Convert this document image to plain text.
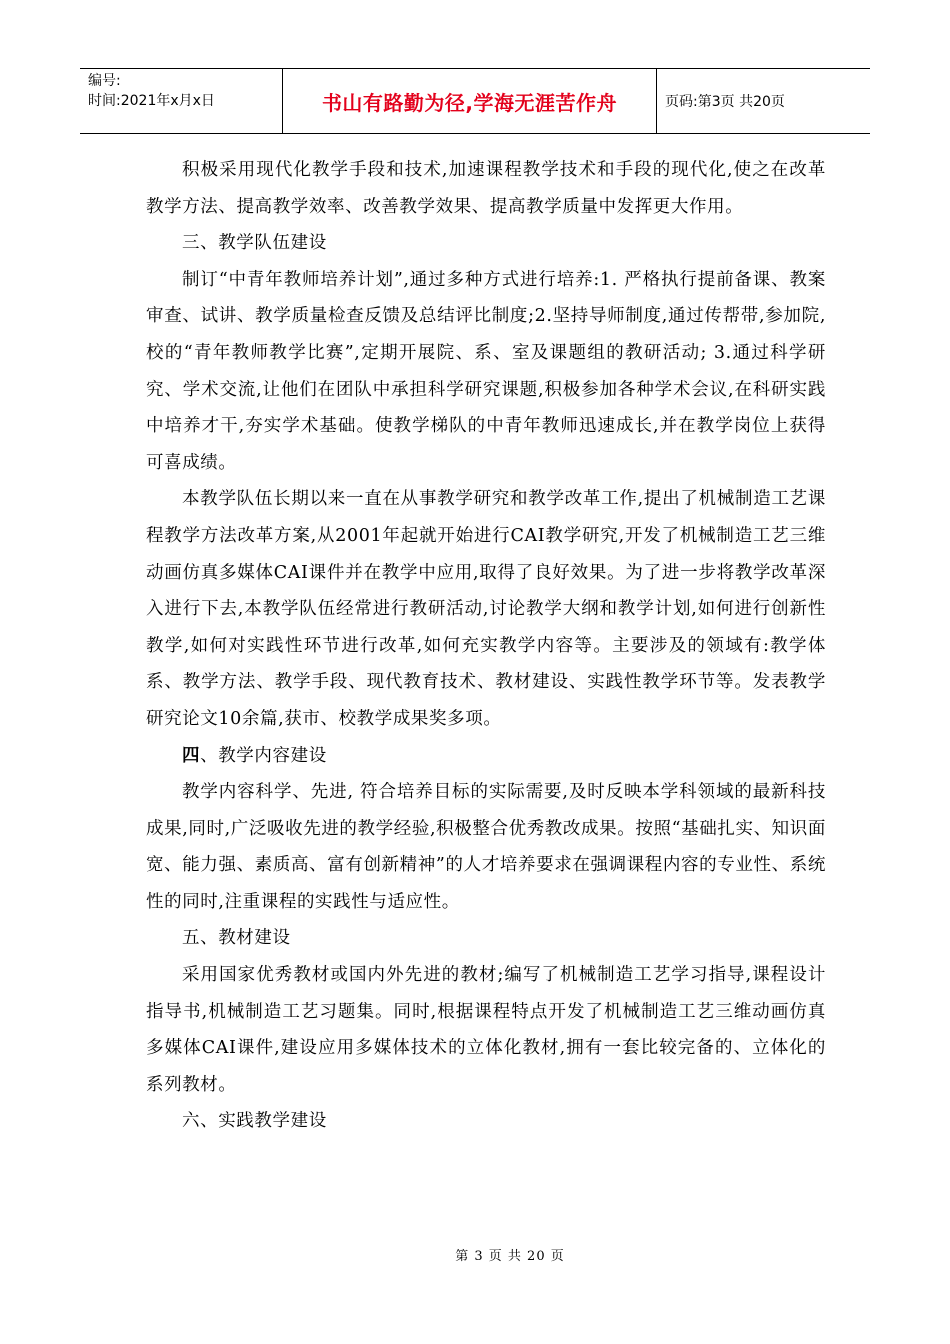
编号:
时间:2021年x月x日	书山有路勤为径,学海无涯苦作舟	页码:第3页 共20页

积极采用现代化教学手段和技术,加速课程教学技术和手段的现代化,使之在改革教学方法、提高教学效率、改善教学效果、提高教学质量中发挥更大作用。

三、教学队伍建设

制订“中青年教师培养计划”,通过多种方式进行培养:1. 严格执行提前备课、教案审查、试讲、教学质量检查反馈及总结评比制度;2.坚持导师制度,通过传帮带,参加院,校的“青年教师教学比赛”,定期开展院、系、室及课题组的教研活动; 3.通过科学研究、学术交流,让他们在团队中承担科学研究课题,积极参加各种学术会议,在科研实践中培养才干,夯实学术基础。使教学梯队的中青年教师迅速成长,并在教学岗位上获得可喜成绩。

本教学队伍长期以来一直在从事教学研究和教学改革工作,提出了机械制造工艺课程教学方法改革方案,从2001年起就开始进行CAI教学研究,开发了机械制造工艺三维动画仿真多媒体CAI课件并在教学中应用,取得了良好效果。为了进一步将教学改革深入进行下去,本教学队伍经常进行教研活动,讨论教学大纲和教学计划,如何进行创新性教学,如何对实践性环节进行改革,如何充实教学内容等。主要涉及的领域有:教学体系、教学方法、教学手段、现代教育技术、教材建设、实践性教学环节等。发表教学研究论文10余篇,获市、校教学成果奖多项。

四、教学内容建设

教学内容科学、先进, 符合培养目标的实际需要,及时反映本学科领域的最新科技成果,同时,广泛吸收先进的教学经验,积极整合优秀教改成果。按照“基础扎实、知识面宽、能力强、素质高、富有创新精神”的人才培养要求在强调课程内容的专业性、系统性的同时,注重课程的实践性与适应性。

五、教材建设

采用国家优秀教材或国内外先进的教材;编写了机械制造工艺学习指导,课程设计指导书,机械制造工艺习题集。同时,根据课程特点开发了机械制造工艺三维动画仿真多媒体CAI课件,建设应用多媒体技术的立体化教材,拥有一套比较完备的、立体化的系列教材。

六、实践教学建设

第 3 页 共 20 页
